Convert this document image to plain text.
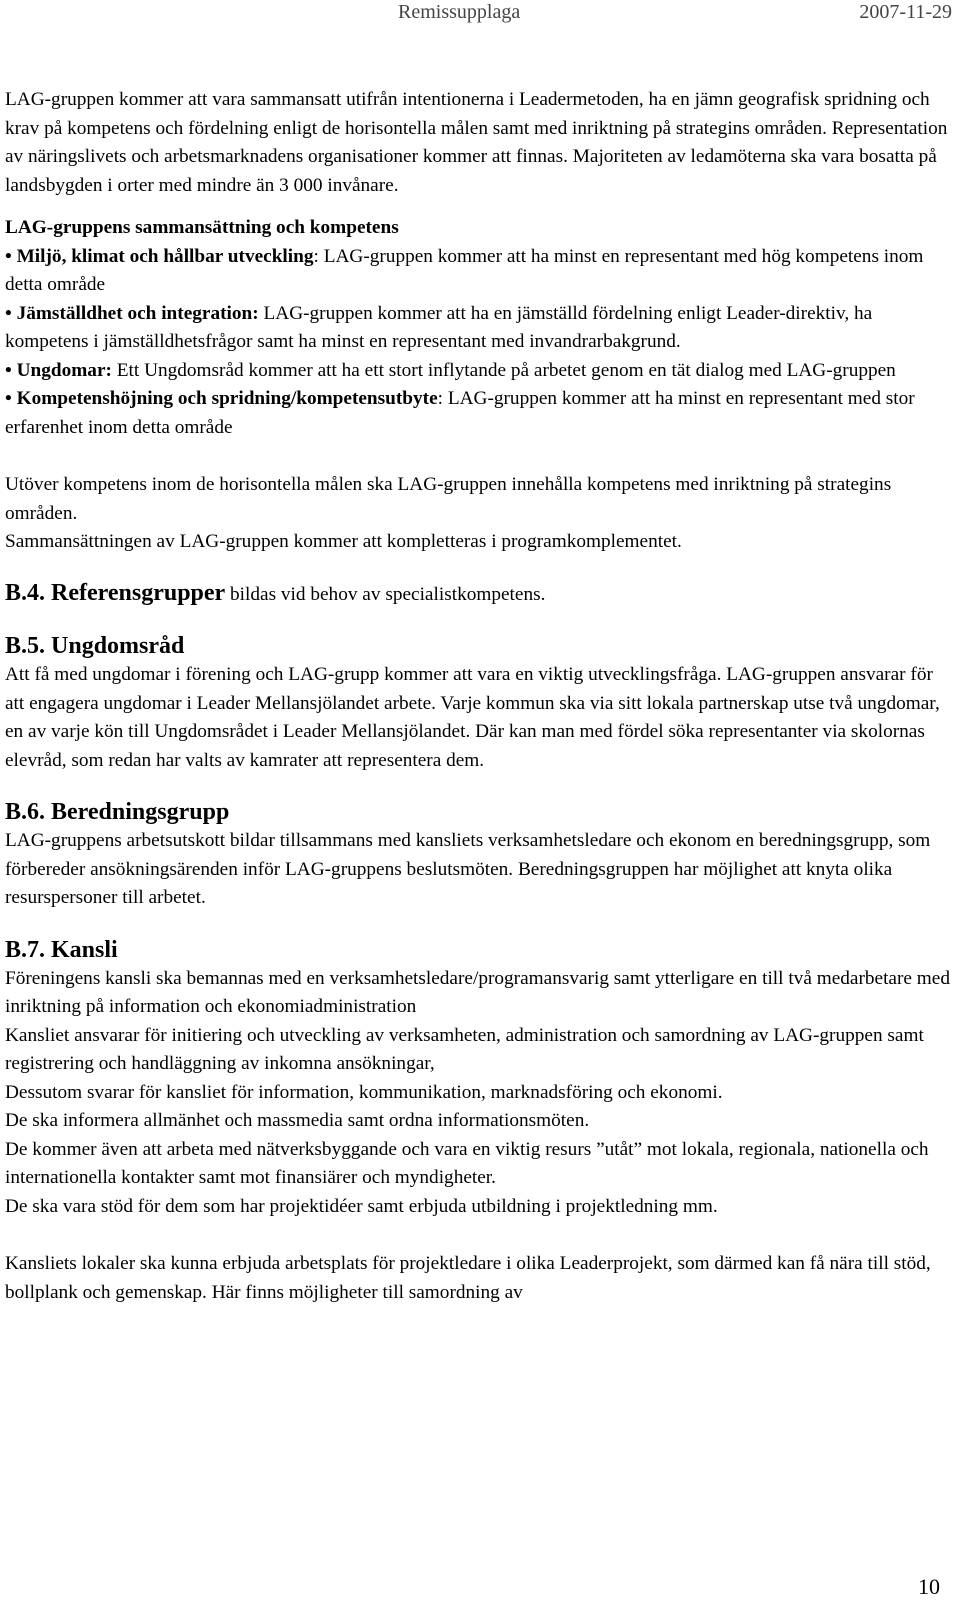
Remissupplaga	2007-11-29

LAG-gruppen kommer att vara sammansatt utifrån intentionerna i Leadermetoden, ha en jämn geografisk spridning och krav på kompetens och fördelning enligt de horisontella målen samt med inriktning på strategins områden. Representation av näringslivets och arbetsmarknadens organisationer kommer att finnas. Majoriteten av ledamöterna ska vara bosatta på landsbygden i orter med mindre än 3 000 invånare.

LAG-gruppens sammansättning och kompetens

• Miljö, klimat och hållbar utveckling: LAG-gruppen kommer att ha minst en representant med hög kompetens inom detta område

• Jämställdhet och integration: LAG-gruppen kommer att ha en jämställd fördelning enligt Leader-direktiv, ha kompetens i jämställdhetsfrågor samt ha minst en representant med invandrarbakgrund.

• Ungdomar: Ett Ungdomsråd kommer att ha ett stort inflytande på arbetet genom en tät dialog med LAG-gruppen

• Kompetenshöjning och spridning/kompetensutbyte: LAG-gruppen kommer att ha minst en representant med stor erfarenhet inom detta område

Utöver kompetens inom de horisontella målen ska LAG-gruppen innehålla kompetens med inriktning på strategins områden.

Sammansättningen av LAG-gruppen kommer att kompletteras i programkomplementet.

B.4. Referensgrupper bildas vid behov av specialistkompetens.

B.5. Ungdomsråd

Att få med ungdomar i förening och LAG-grupp kommer att vara en viktig utvecklingsfråga. LAG-gruppen ansvarar för att engagera ungdomar i Leader Mellansjölandet arbete. Varje kommun ska via sitt lokala partnerskap utse två ungdomar, en av varje kön till Ungdomsrådet i Leader Mellansjölandet. Där kan man med fördel söka representanter via skolornas elevråd, som redan har valts av kamrater att representera dem.

B.6. Beredningsgrupp

LAG-gruppens arbetsutskott bildar tillsammans med kansliets verksamhetsledare och ekonom en beredningsgrupp, som förbereder ansökningsärenden inför LAG-gruppens beslutsmöten. Beredningsgruppen har möjlighet att knyta olika resurspersoner till arbetet.

B.7. Kansli

Föreningens kansli ska bemannas med en verksamhetsledare/programansvarig samt ytterligare en till två medarbetare med inriktning på information och ekonomiadministration

Kansliet ansvarar för initiering och utveckling av verksamheten, administration och samordning av LAG-gruppen samt registrering och handläggning av inkomna ansökningar,

Dessutom svarar för kansliet för information, kommunikation, marknadsföring och ekonomi.

De ska informera allmänhet och massmedia samt ordna informationsmöten.

De kommer även att arbeta med nätverksbyggande och vara en viktig resurs ”utåt” mot lokala, regionala, nationella och internationella kontakter samt mot finansiärer och myndigheter.

De ska vara stöd för dem som har projektidéer samt erbjuda utbildning i projektledning mm.

Kansliets lokaler ska kunna erbjuda arbetsplats för projektledare i olika Leaderprojekt, som därmed kan få nära till stöd, bollplank och gemenskap. Här finns möjligheter till samordning av

10
